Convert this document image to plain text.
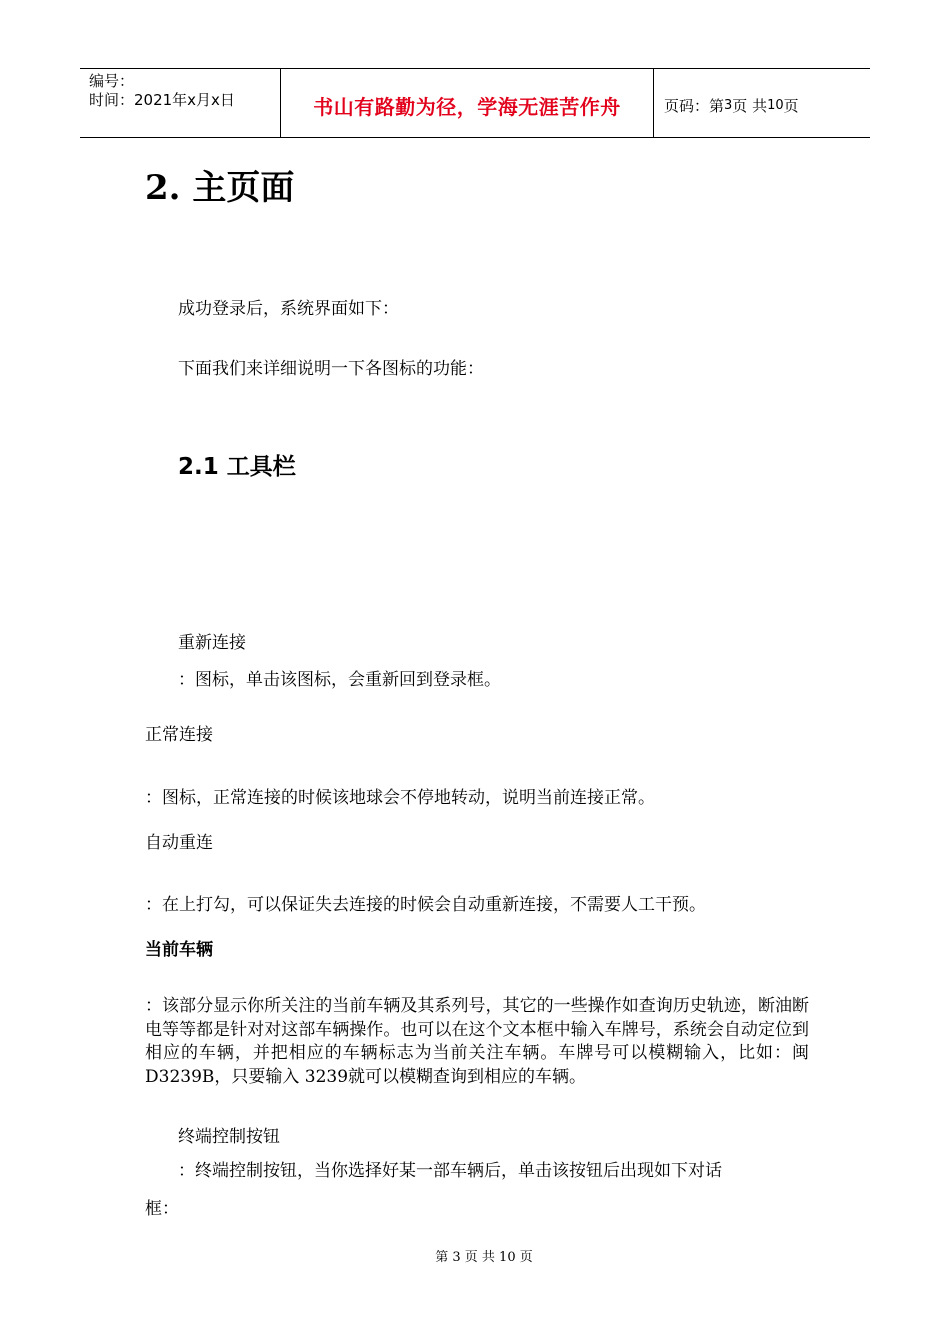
编号：
时间：2021年x月x日	书山有路勤为径，学海无涯苦作舟	页码：第 3 页 共 10 页
2. 主页面
成功登录后，系统界面如下：
下面我们来详细说明一下各图标的功能：
2.1 工具栏
重新连接
：图标，单击该图标，会重新回到登录框。
正常连接
：图标，正常连接的时候该地球会不停地转动，说明当前连接正常。
自动重连
：在上打勾，可以保证失去连接的时候会自动重新连接，不需要人工干预。
当前车辆
：该部分显示你所关注的当前车辆及其系列号，其它的一些操作如查询历史轨迹，断油断电等等都是针对对这部车辆操作。也可以在这个文本框中输入车牌号，系统会自动定位到相应的车辆，并把相应的车辆标志为当前关注车辆。车牌号可以模糊输入，比如：闽D3239B，只要输入 3239就可以模糊查询到相应的车辆。
终端控制按钮
：终端控制按钮，当你选择好某一部车辆后，单击该按钮后出现如下对话
框：
第 3 页 共 10 页
